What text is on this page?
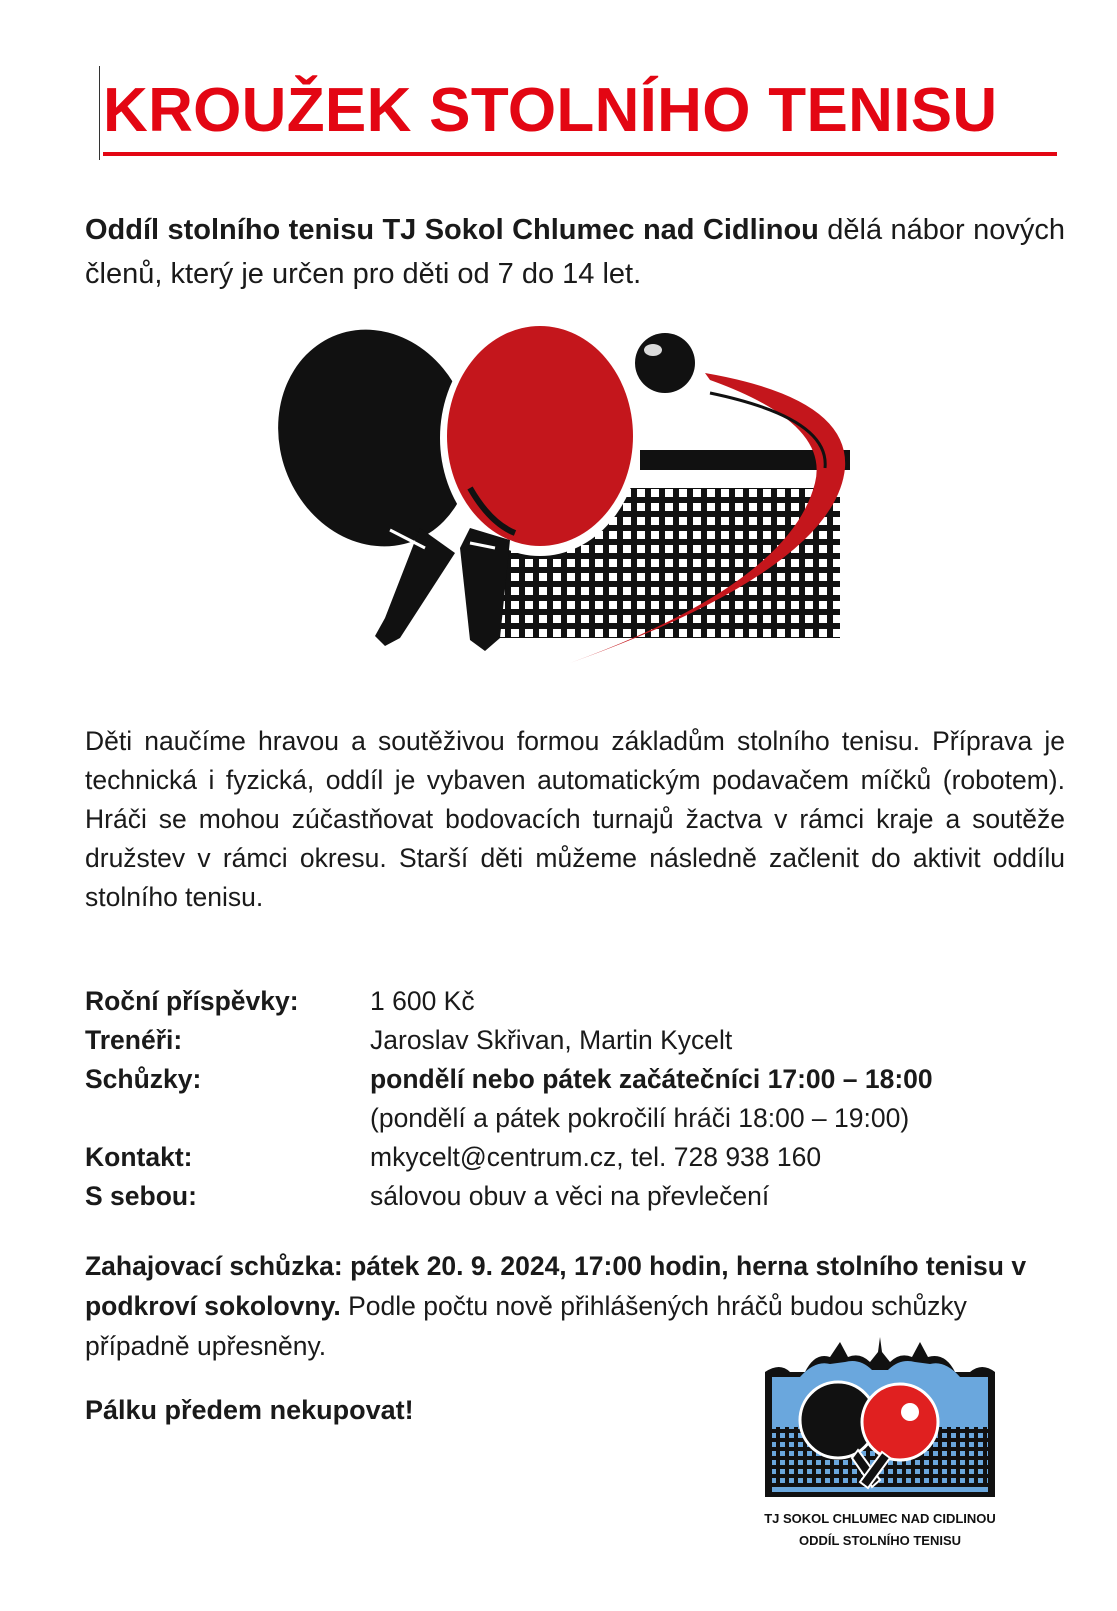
KROUŽEK STOLNÍHO TENISU

Oddíl stolního tenisu TJ Sokol Chlumec nad Cidlinou dělá nábor nových členů, který je určen pro děti od 7 do 14 let.

Děti naučíme hravou a soutěživou formou základům stolního tenisu. Příprava je technická i fyzická, oddíl je vybaven automatickým podavačem míčků (robotem). Hráči se mohou zúčastňovat bodovacích turnajů žactva v rámci kraje a soutěže družstev v rámci okresu. Starší děti můžeme následně začlenit do aktivit oddílu stolního tenisu.

Roční příspěvky:	1 600 Kč
Trenéři:	Jaroslav Skřivan, Martin Kycelt
Schůzky:	pondělí nebo pátek začátečníci 17:00 – 18:00
(pondělí a pátek pokročilí hráči 18:00 – 19:00)
Kontakt:	mkycelt@centrum.cz, tel. 728 938 160
S sebou:	sálovou obuv a věci na převlečení

Zahajovací schůzka: pátek 20. 9. 2024, 17:00 hodin, herna stolního tenisu v podkroví sokolovny. Podle počtu nově přihlášených hráčů budou schůzky případně upřesněny.

Pálku předem nekupovat!

TJ SOKOL CHLUMEC NAD CIDLINOU
ODDÍL STOLNÍHO TENISU
